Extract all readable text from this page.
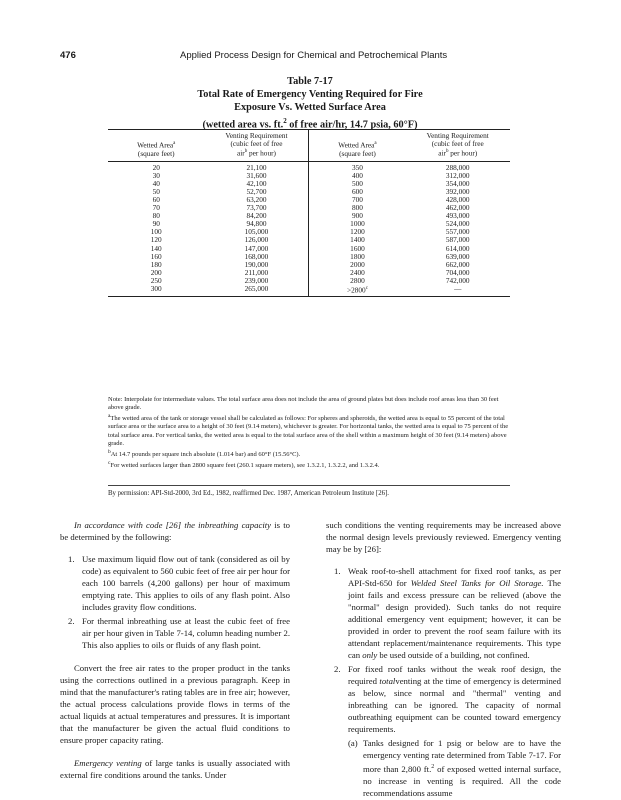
476	Applied Process Design for Chemical and Petrochemical Plants
Table 7-17
Total Rate of Emergency Venting Required for Fire
Exposure Vs. Wetted Surface Area
(wetted area vs. ft.$^2$ of free air/hr, 14.7 psia, 60°F)

Wetted Area$^a$
(square feet)	Venting Requirement
(cubic feet of free
air$^b$ per hour)	Wetted Area$^a$
(square feet)	Venting Requirement
(cubic feet of free
air$^b$ per hour)
20	21,100	350	288,000
30	31,600	400	312,000
40	42,100	500	354,000
50	52,700	600	392,000
60	63,200	700	428,000
70	73,700	800	462,000
80	84,200	900	493,000
90	94,800	1000	524,000
100	105,000	1200	557,000
120	126,000	1400	587,000
140	147,000	1600	614,000
160	168,000	1800	639,000
180	190,000	2000	662,000
200	211,000	2400	704,000
250	239,000	2800	742,000
300	265,000	$>2800^c$	—

Note: Interpolate for intermediate values. The total surface area does not include the area of ground plates but does include roof areas less than 30 feet above grade.

$^a$The wetted area of the tank or storage vessel shall be calculated as follows: For spheres and spheroids, the wetted area is equal to 55 percent of the total surface area or the surface area to a height of 30 feet (9.14 meters), whichever is greater. For horizontal tanks, the wetted area is equal to 75 percent of the total surface area. For vertical tanks, the wetted area is equal to the total surface area of the shell within a maximum height of 30 feet (9.14 meters) above grade.

$^b$At 14.7 pounds per square inch absolute (1.014 bar) and 60°F (15.56°C).

$^c$For wetted surfaces larger than 2800 square feet (260.1 square meters), see 1.3.2.1, 1.3.2.2, and 1.3.2.4.

By permission: API-Std-2000, 3rd Ed., 1982, reaffirmed Dec. 1987, American Petroleum Institute [26].

In accordance with code [26] the inbreathing capacity is to be determined by the following:

1. Use maximum liquid flow out of tank (considered as oil by code) as equivalent to 560 cubic feet of free air per hour for each 100 barrels (4,200 gallons) per hour of maximum emptying rate. This applies to oils of any flash point. Also includes gravity flow conditions.
2. For thermal inbreathing use at least the cubic feet of free air per hour given in Table 7-14, column heading number 2. This also applies to oils or fluids of any flash point.

Convert the free air rates to the proper product in the tanks using the corrections outlined in a previous paragraph. Keep in mind that the manufacturer's rating tables are in free air; however, the actual process calculations provide flows in terms of the actual liquids at actual temperatures and pressures. It is important that the manufacturer be given the actual fluid conditions to ensure proper capacity rating.

Emergency venting of large tanks is usually associated with external fire conditions around the tanks. Under

such conditions the venting requirements may be increased above the normal design levels previously reviewed. Emergency venting may be by [26]:

1. Weak roof-to-shell attachment for fixed roof tanks, as per API-Std-650 for Welded Steel Tanks for Oil Storage. The joint fails and excess pressure can be relieved (above the "normal" design provided). Such tanks do not require additional emergency vent equipment; however, it can be provided in order to prevent the roof seam failure with its attendant replacement/maintenance requirements. This type can only be used outside of a building, not confined.
2. For fixed roof tanks without the weak roof design, the required totalventing at the time of emergency is determined as below, since normal and "thermal" venting and inbreathing can be ignored. The capacity of normal outbreathing equipment can be counted toward emergency requirements.
(a) Tanks designed for 1 psig or below are to have the emergency venting rate determined from Table 7-17. For more than 2,800 ft.$^2$ of exposed wetted internal surface, no increase in venting is required. All the code recommendations assume
